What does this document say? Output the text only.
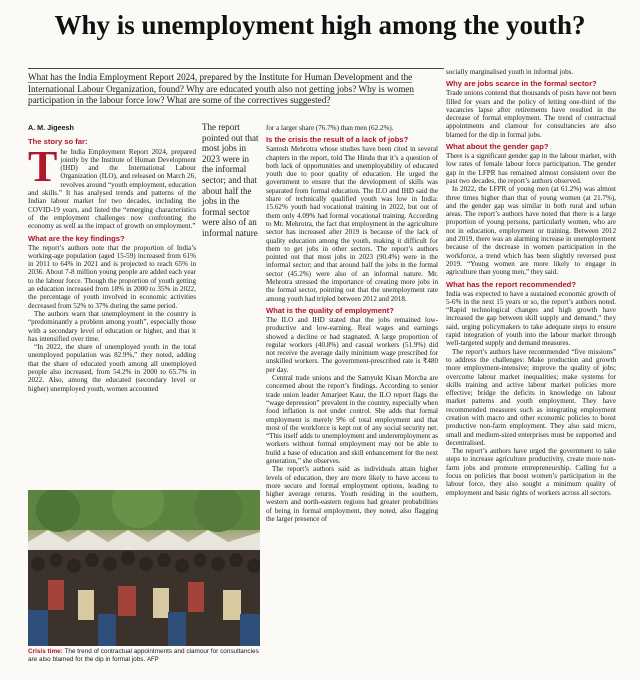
Why is unemployment high among the youth?
What has the India Employment Report 2024, prepared by the Institute for Human Development and the International Labour Organization, found? Why are educated youth also not getting jobs? Why is women participation in the labour force low? What are some of the correctives suggested?
A. M. Jigeesh
The story so far:

The India Employment Report 2024, prepared jointly by the Institute of Human Development (IHD) and the International Labour Organization (ILO), and released on March 26, revolves around “youth employment, education and skills.” It has analysed trends and patterns of the Indian labour market for two decades, including the COVID-19 years, and listed the “emerging characteristics of the employment challenges now confronting the economy as well as the impact of growth on employment.”

What are the key findings?

The report’s authors note that the proportion of India’s working-age population (aged 15-59) increased from 61% in 2011 to 64% in 2021 and is projected to reach 65% in 2036. About 7-8 million young people are added each year to the labour force. Though the proportion of youth getting an education increased from 18% in 2000 to 35% in 2022, the percentage of youth involved in economic activities decreased from 52% to 37% during the same period.

The authors warn that unemployment in the country is “predominantly a problem among youth”, especially those with a secondary level of education or higher, and that it has intensified over time.

“In 2022, the share of unemployed youth in the total unemployed population was 82.9%,” they noted, adding that the share of educated youth among all unemployed people also increased, from 54.2% in 2000 to 65.7% in 2022. Also, among the educated (secondary level or higher) unemployed youth, women accounted

The report pointed out that most jobs in 2023 were in the informal sector; and that about half the jobs in the formal sector were also of an informal nature
Crisis time: The trend of contractual appointments and clamour for consultancies are also blamed for the dip in formal jobs. AFP

for a larger share (76.7%) than men (62.2%).

Is the crisis the result of a lack of jobs?

Santosh Mehrotra whose studies have been cited in several chapters in the report, told The Hindu that it’s a question of both lack of opportunities and unemployability of educated youth due to poor quality of education. He urged the government to ensure that the development of skills was separated from formal education. The ILO and IHD said the share of technically qualified youth was low in India: 15.62% youth had vocational training in 2022, but out of them only 4.09% had formal vocational training. According to Mr. Mehrotra, the fact that employment in the agriculture sector has increased after 2019 is because of the lack of quality education among the youth, making it difficult for them to get jobs in other sectors. The report’s authors pointed out that most jobs in 2023 (90.4%) were in the informal sector; and that around half the jobs in the formal sector (45.2%) were also of an informal nature. Mr. Mehrotra stressed the importance of creating more jobs in the formal sector, pointing out that the unemployment rate among youth had tripled between 2012 and 2018.

What is the quality of employment?

The ILO and IHD stated that the jobs remained low-productive and low-earning. Real wages and earnings showed a decline or had stagnated. A large proportion of regular workers (40.8%) and casual workers (51.9%) did not receive the average daily minimum wage prescribed for unskilled workers. The government-prescribed rate is ₹480 per day.

Central trade unions and the Samyukt Kisan Morcha are concerned about the report’s findings. According to senior trade union leader Amarjeet Kaur, the ILO report flags the “wage depression” prevalent in the country, especially when food inflation is not under control. She adds that formal employment is merely 9% of total employment and that most of the workforce is kept out of any social security net. “This itself adds to unemployment and underemployment as workers without formal employment may not be able to build a base of education and skill enhancement for the next generation,” she observes.

The report’s authors said as individuals attain higher levels of education, they are more likely to have access to more secure and formal employment options, leading to higher average returns. Youth residing in the southern, western and north-eastern regions had greater probabilities of being in formal employment, they noted, also flagging the larger presence of

socially marginalised youth in informal jobs.

Why are jobs scarce in the formal sector?

Trade unions contend that thousands of posts have not been filled for years and the policy of letting one-third of the vacancies lapse after retirements have resulted in the decrease of formal employment. The trend of contractual appointments and clamour for consultancies are also blamed for the dip in formal jobs.

What about the gender gap?

There is a significant gender gap in the labour market, with low rates of female labour force participation. The gender gap in the LFPR has remained almost consistent over the past two decades, the report’s authors observed.

In 2022, the LFPR of young men (at 61.2%) was almost three times higher than that of young women (at 21.7%), and the gender gap was similar in both rural and urban areas. The report’s authors have noted that there is a large proportion of young persons, particularly women, who are not in education, employment or training. Between 2012 and 2019, there was an alarming increase in unemployment because of the decrease in women participation in the workforce, a trend which has been slightly reversed post 2019. “Young women are more likely to engage in agriculture than young men,” they said.

What has the report recommended?

India was expected to have a sustained economic growth of 5-6% in the next 15 years or so, the report’s authors noted. “Rapid technological changes and high growth have increased the gap between skill supply and demand,” they said, urging policymakers to take adequate steps to ensure rapid integration of youth into the labour market through well-targeted supply and demand measures.

The report’s authors have recommended “five missions” to address the challenges: Make production and growth more employment-intensive; improve the quality of jobs; overcome labour market inequalities; make systems for skills training and active labour market policies more effective; bridge the deficits in knowledge on labour market patterns and youth employment. They have recommended measures such as integrating employment creation with macro and other economic policies to boost productive non-farm employment. They also said micro, small and medium-sized enterprises must be supported and decentralised.

The report’s authors have urged the government to take steps to increase agriculture productivity, create more non-farm jobs and promote entrepreneurship. Calling for a focus on policies that boost women’s participation in the labour force, they also sought a minimum quality of employment and basic rights of workers across all sectors.
